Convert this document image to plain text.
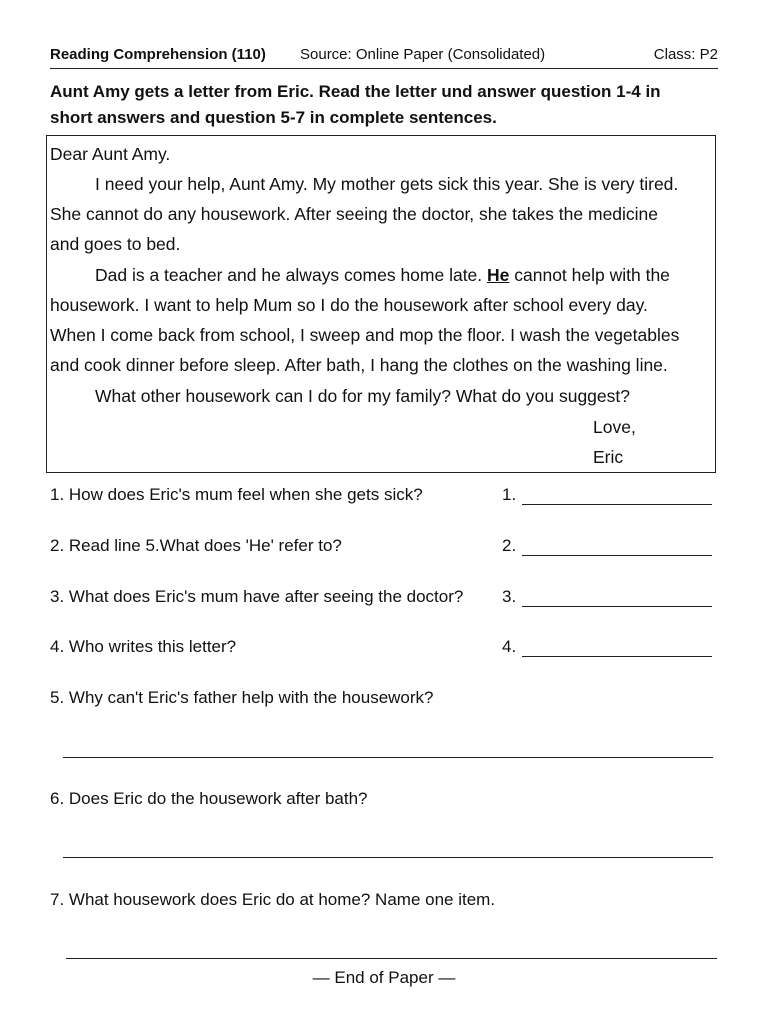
Reading Comprehension (110) Source: Online Paper (Consolidated)	Class: P2
Aunt Amy gets a letter from Eric. Read the letter und answer question 1-4 in
short answers and question 5-7 in complete sentences.
Dear Aunt Amy.
I need your help, Aunt Amy. My mother gets sick this year. She is very tired.
She cannot do any housework. After seeing the doctor, she takes the medicine
and goes to bed.
Dad is a teacher and he always comes home late. He cannot help with the
housework. I want to help Mum so I do the housework after school every day.
When I come back from school, I sweep and mop the floor. I wash the vegetables
and cook dinner before sleep. After bath, I hang the clothes on the washing line.
What other housework can I do for my family? What do you suggest?
Love,
Eric
1. How does Eric's mum feel when she gets sick?	1.
2. Read line 5.What does 'He' refer to?	2.
3. What does Eric's mum have after seeing the doctor? 3.
4. Who writes this letter?	4.
5. Why can't Eric's father help with the housework?
6. Does Eric do the housework after bath?
7. What housework does Eric do at home? Name one item.
— End of Paper —
